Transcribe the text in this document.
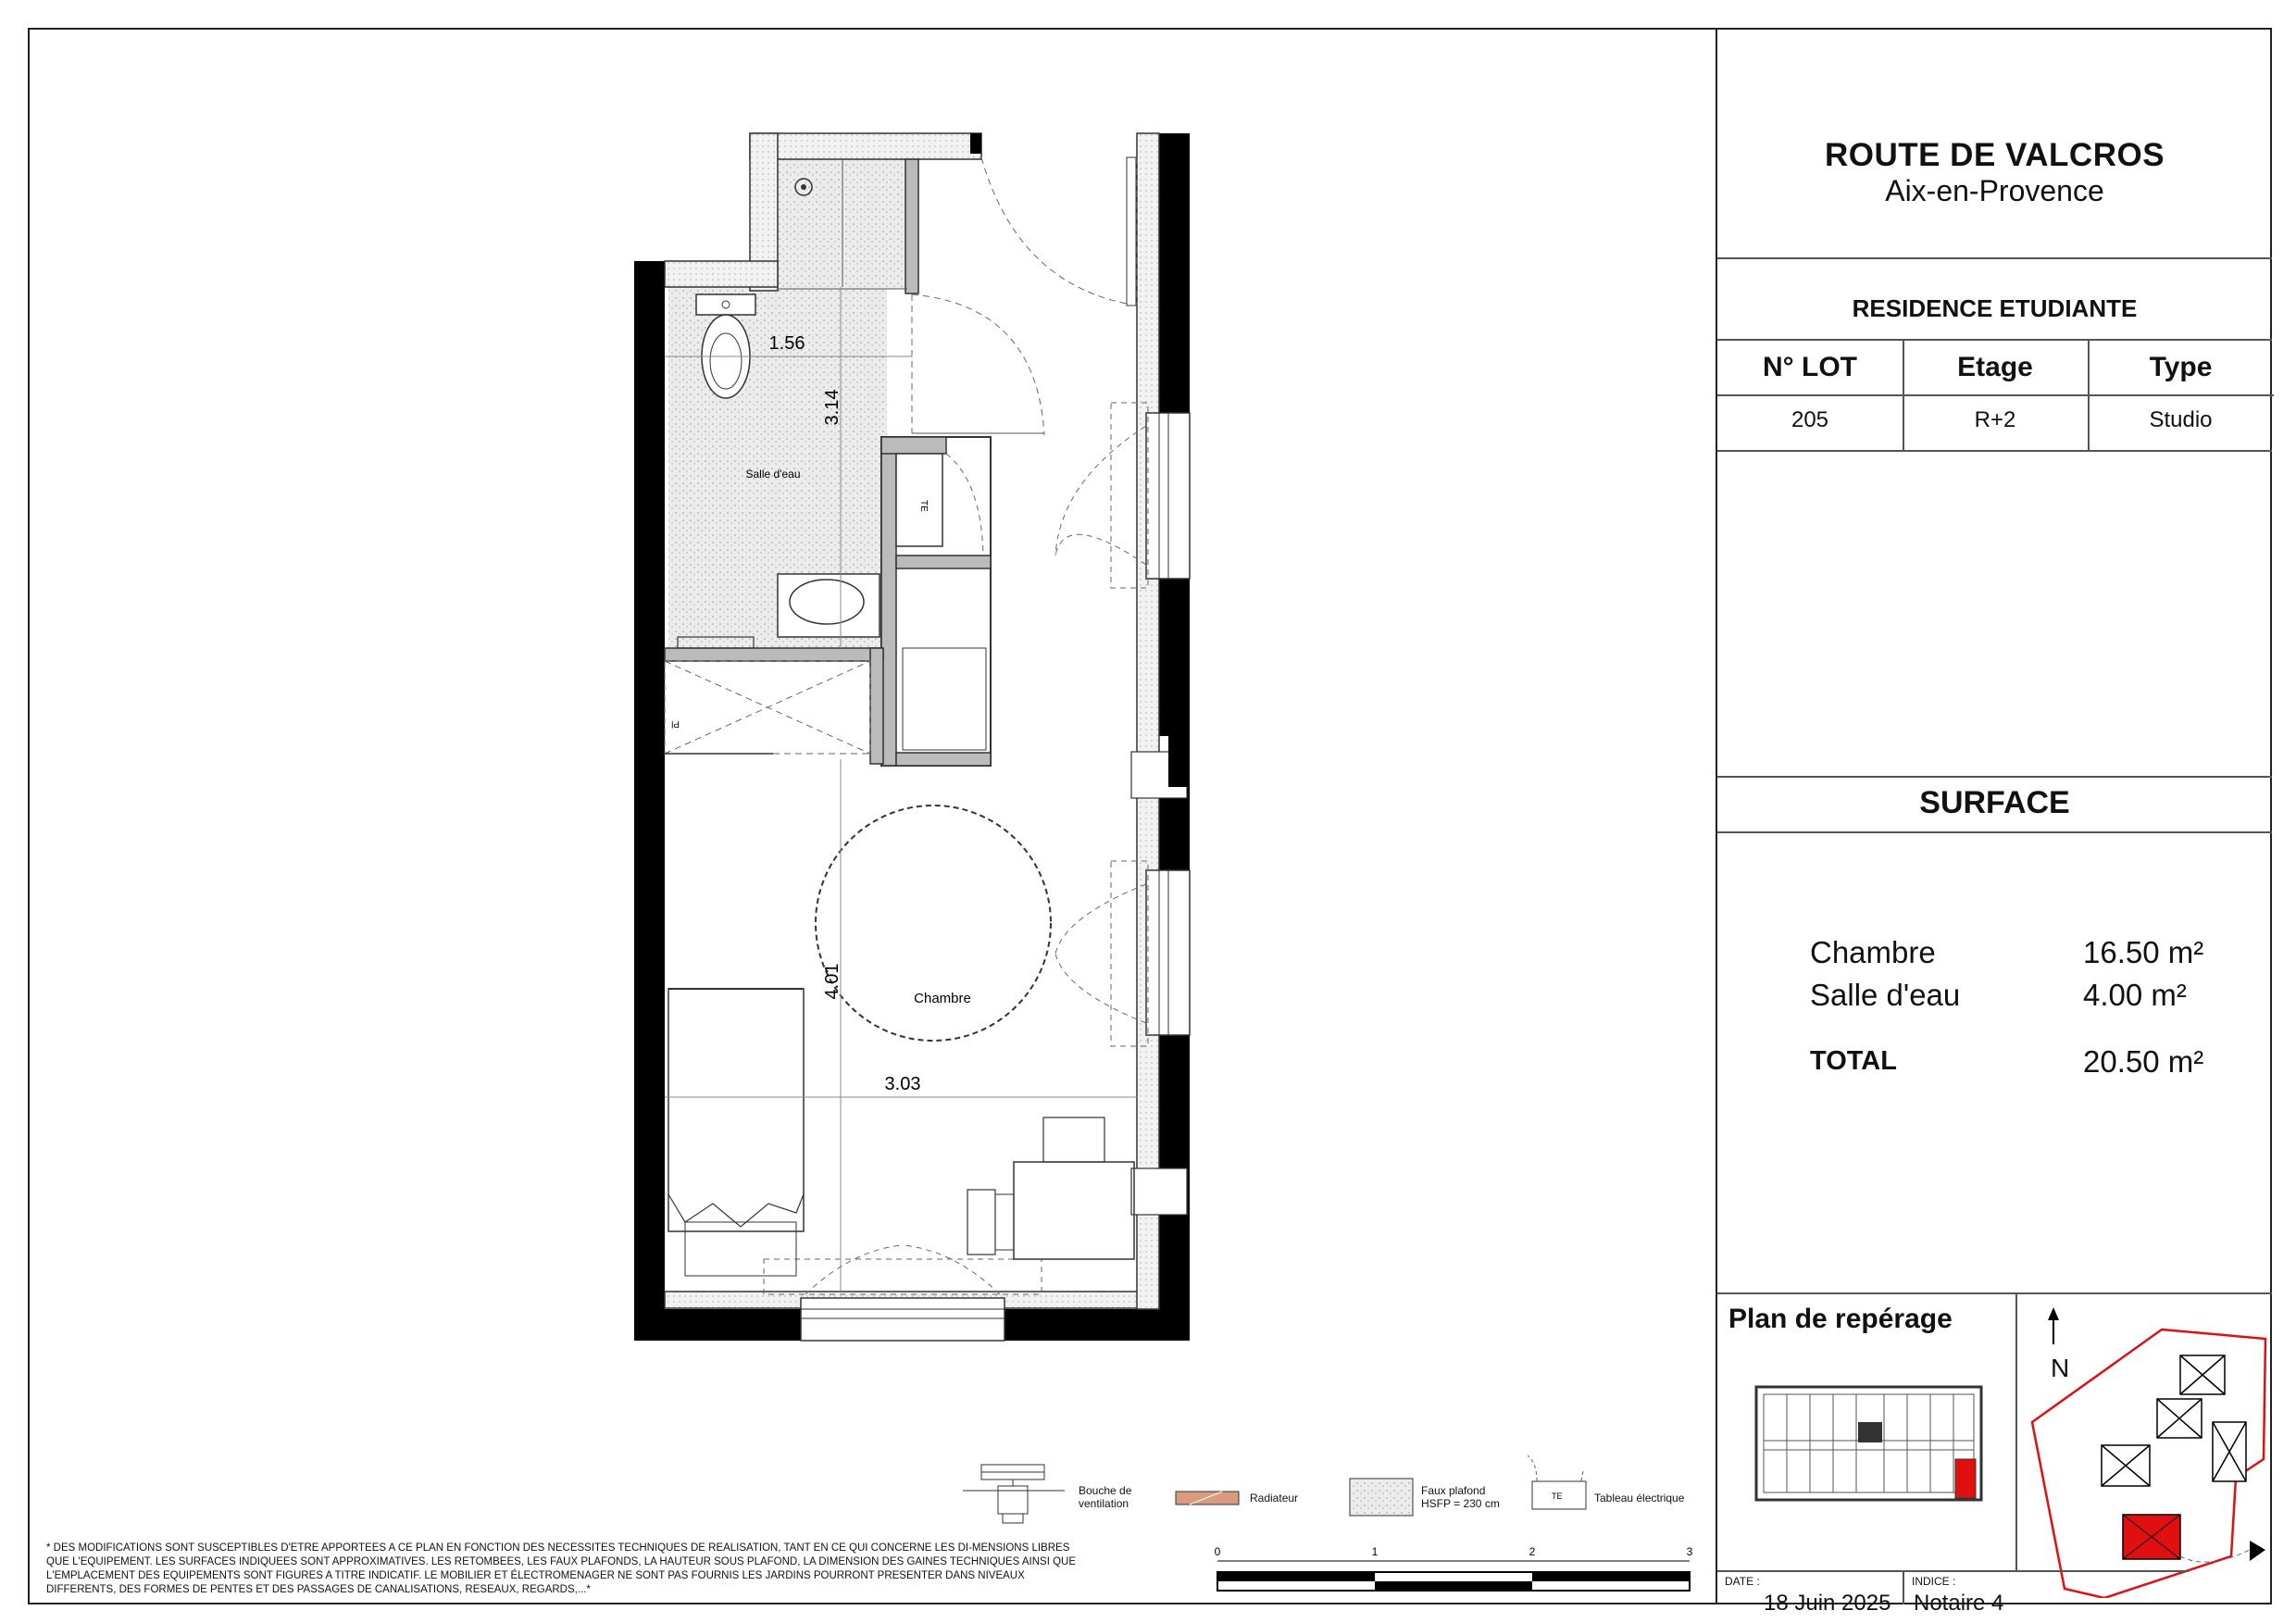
TE
Pl
1.56
3.14
4.01
3.03
Salle d'eau
Chambre
TE
0	1	2	3
Bouche de ventilation	Radiateur
Faux plafond HSFP = 230 cm	Tableau électrique
* DES MODIFICATIONS SONT SUSCEPTIBLES D'ETRE APPORTEES A CE PLAN EN FONCTION DES NECESSITES TECHNIQUES DE REALISATION, TANT EN CE QUI CONCERNE LES DI-MENSIONS LIBRES QUE L'EQUIPEMENT. LES SURFACES INDIQUEES SONT APPROXIMATIVES. LES RETOMBEES, LES FAUX PLAFONDS, LA HAUTEUR SOUS PLAFOND, LA DIMENSION DES GAINES TECHNIQUES AINSI QUE L'EMPLACEMENT DES EQUIPEMENTS SONT FIGURES A TITRE INDICATIF. LE MOBILIER ET ÉLECTROMENAGER NE SONT PAS FOURNIS LES JARDINS POURRONT PRESENTER DANS NIVEAUX DIFFERENTS, DES FORMES DE PENTES ET DES PASSAGES DE CANALISATIONS, RESEAUX, REGARDS,...*
ROUTE DE VALCROS
Aix-en-Provence
RESIDENCE ETUDIANTE
N° LOT	Etage	Type
205	R+2	Studio
SURFACE
Chambre	16.50 m²
Salle d'eau	4.00 m²
TOTAL	20.50 m²
Plan de repérage
N
DATE :
18 Juin 2025
INDICE :
Notaire 4
